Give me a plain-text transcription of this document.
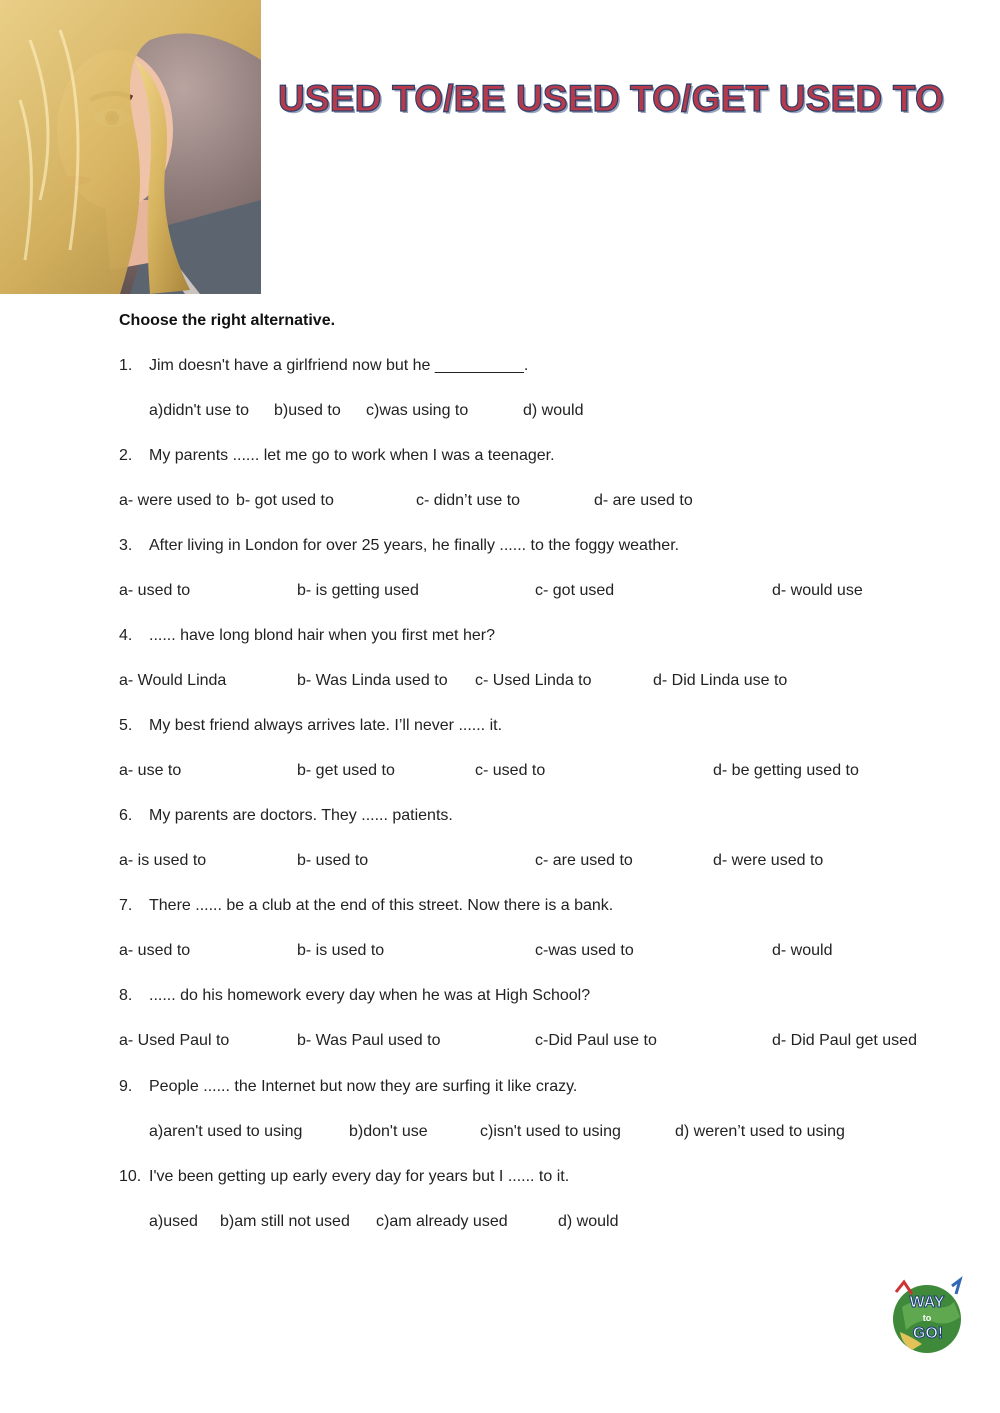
USED TO/BE USED TO/GET USED TO
Choose the right alternative.
1. Jim doesn't have a girlfriend now but he __________.
a)didn't use to b)used to c)was using to	d) would
2. My parents ...... let me go to work when I was a teenager.
a- were used to b- got used to	c- didn’t use to	d- are used to
3. After living in London for over 25 years, he finally ...... to the foggy weather.
a- used to	b- is getting used	c- got used	d- would use
4. ...... have long blond hair when you first met her?
a- Would Linda	b- Was Linda used to c- Used Linda to	d- Did Linda use to
5. My best friend always arrives late. I’ll never ...... it.
a- use to	b- get used to	c- used to	d- be getting used to
6. My parents are doctors. They ...... patients.
a- is used to	b- used to	c- are used to	d- were used to
7. There ...... be a club at the end of this street. Now there is a bank.
a- used to	b- is used to	c-was used to	d- would
8. ...... do his homework every day when he was at High School?
a- Used Paul to	b- Was Paul used to	c-Did Paul use to	d- Did Paul get used
9. People ...... the Internet but now they are surfing it like crazy.
a)aren't used to using	b)don't use	c)isn't used to using	d) weren’t used to using
10. I've been getting up early every day for years but I ...... to it.
a)used b)am still not used c)am already used	d) would
WAY
to
GO!
